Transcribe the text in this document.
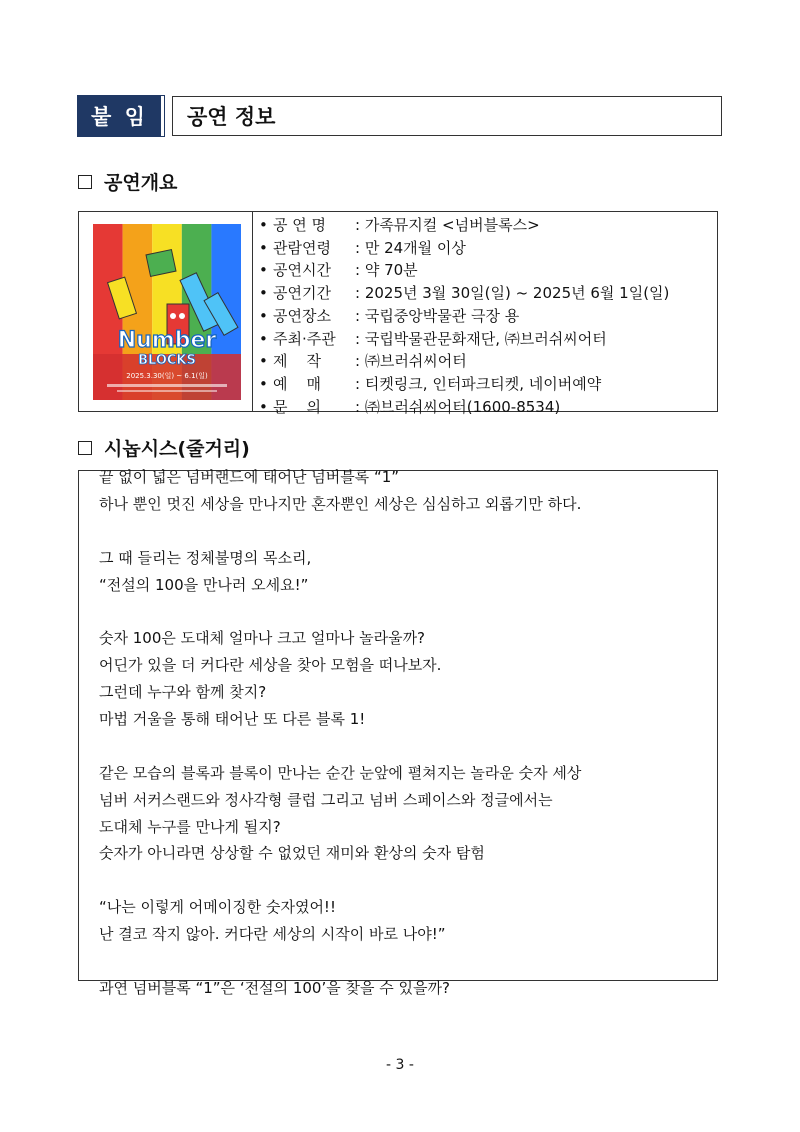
붙 임	공연 정보
공연개요
Number
BLOCKS
2025.3.30(일) ~ 6.1(일)
• 공 연 명	: 가족뮤지컬 <넘버블록스>
• 관람연령	: 만 24개월 이상
• 공연시간	: 약 70분
• 공연기간	: 2025년 3월 30일(일) ~ 2025년 6월 1일(일)
• 공연장소	: 국립중앙박물관 극장 용
• 주최·주관	: 국립박물관문화재단, ㈜브러쉬씨어터
• 제    작	: ㈜브러쉬씨어터
• 예    매	: 티켓링크, 인터파크티켓, 네이버예약
• 문    의	: ㈜브러쉬씨어터(1600-8534)
시놉시스(줄거리)
끝 없이 넓은 넘버랜드에 태어난 넘버블록 “1”
하나 뿐인 멋진 세상을 만나지만 혼자뿐인 세상은 심심하고 외롭기만 하다.

그 때 들리는 정체불명의 목소리,
“전설의 100을 만나러 오세요!”

숫자 100은 도대체 얼마나 크고 얼마나 놀라울까?
어딘가 있을 더 커다란 세상을 찾아 모험을 떠나보자.
그런데 누구와 함께 찾지?
마법 거울을 통해 태어난 또 다른 블록 1!

같은 모습의 블록과 블록이 만나는 순간 눈앞에 펼쳐지는 놀라운 숫자 세상
넘버 서커스랜드와 정사각형 클럽 그리고 넘버 스페이스와 정글에서는
도대체 누구를 만나게 될지?
숫자가 아니라면 상상할 수 없었던 재미와 환상의 숫자 탐험

“나는 이렇게 어메이징한 숫자였어!!
난 결코 작지 않아. 커다란 세상의 시작이 바로 나야!”

과연 넘버블록 “1”은 ‘전설의 100’을 찾을 수 있을까?
- 3 -
